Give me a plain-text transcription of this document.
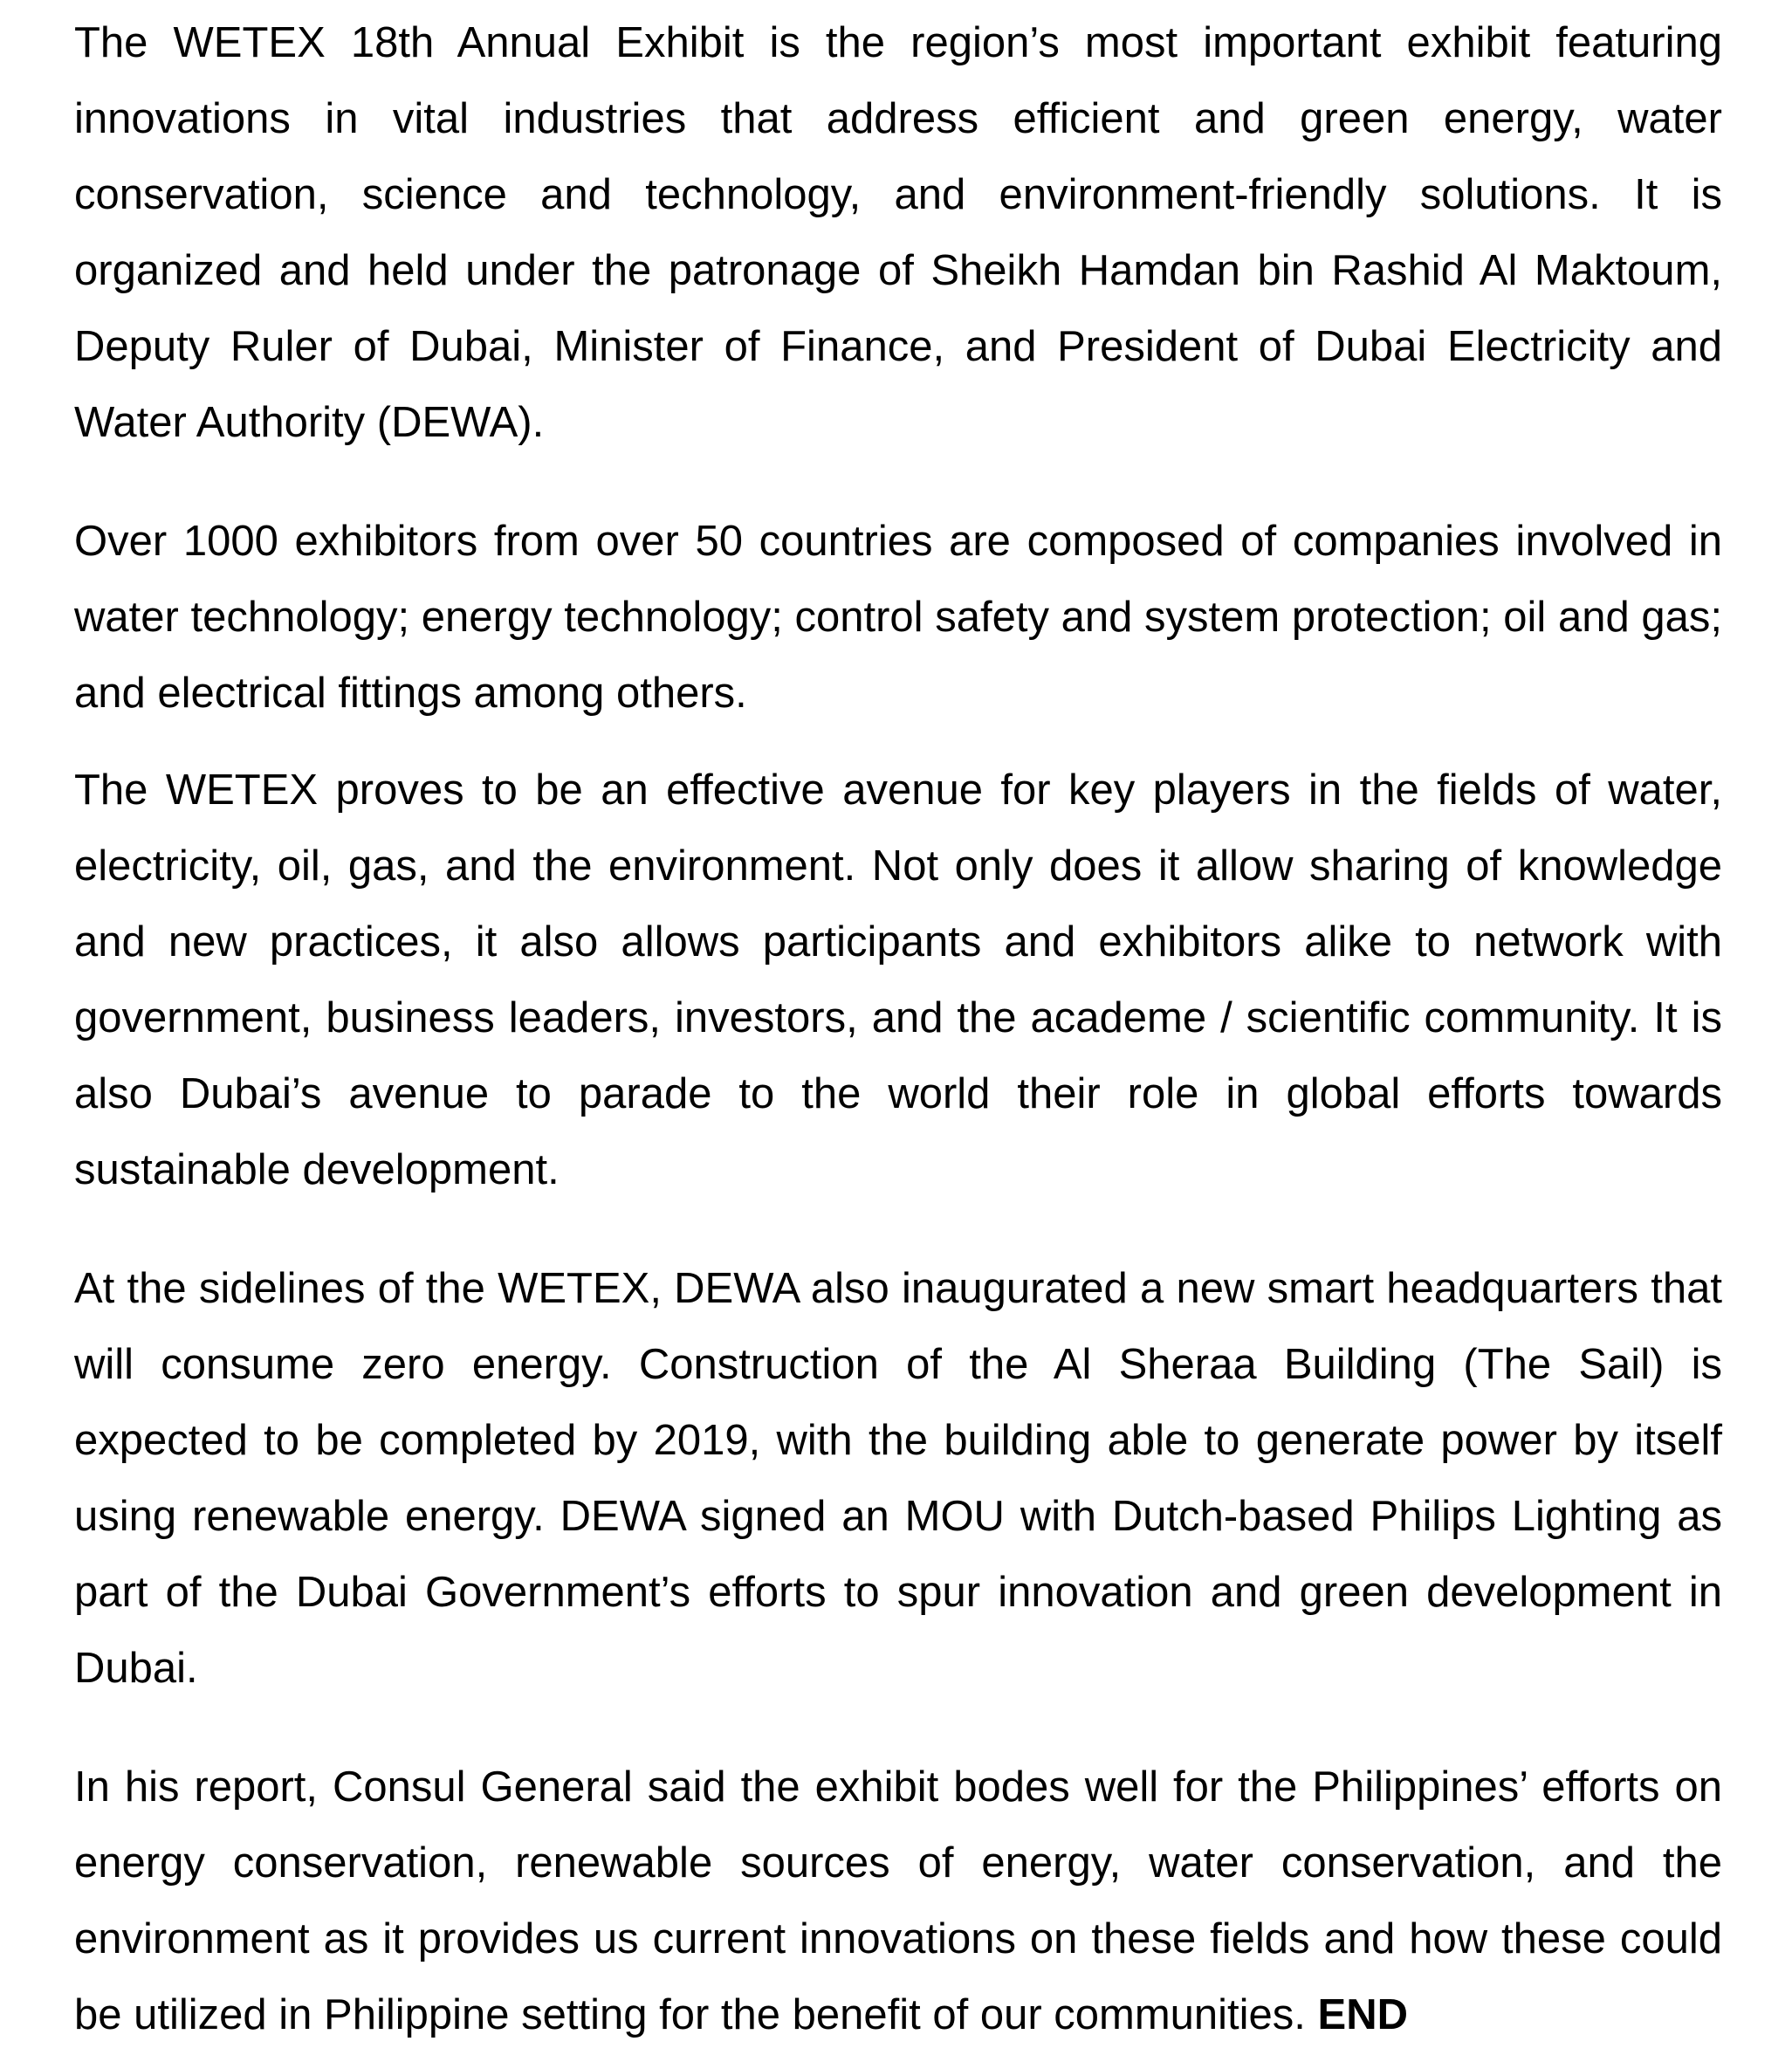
The WETEX 18th Annual Exhibit is the region’s most important exhibit featuring innovations in vital industries that address efficient and green energy, water conservation, science and technology, and environment-friendly solutions. It is organized and held under the patronage of Sheikh Hamdan bin Rashid Al Maktoum, Deputy Ruler of Dubai, Minister of Finance, and President of Dubai Electricity and Water Authority (DEWA).

Over 1000 exhibitors from over 50 countries are composed of companies involved in water technology; energy technology; control safety and system protection; oil and gas; and electrical fittings among others.

The WETEX proves to be an effective avenue for key players in the fields of water, electricity, oil, gas, and the environment. Not only does it allow sharing of knowledge and new practices, it also allows participants and exhibitors alike to network with government, business leaders, investors, and the academe / scientific community. It is also Dubai’s avenue to parade to the world their role in global efforts towards sustainable development.

At the sidelines of the WETEX, DEWA also inaugurated a new smart headquarters that will consume zero energy. Construction of the Al Sheraa Building (The Sail) is expected to be completed by 2019, with the building able to generate power by itself using renewable energy. DEWA signed an MOU with Dutch-based Philips Lighting as part of the Dubai Government’s efforts to spur innovation and green development in Dubai.

In his report, Consul General said the exhibit bodes well for the Philippines’ efforts on energy conservation, renewable sources of energy, water conservation, and the environment as it provides us current innovations on these fields and how these could be utilized in Philippine setting for the benefit of our communities. END
